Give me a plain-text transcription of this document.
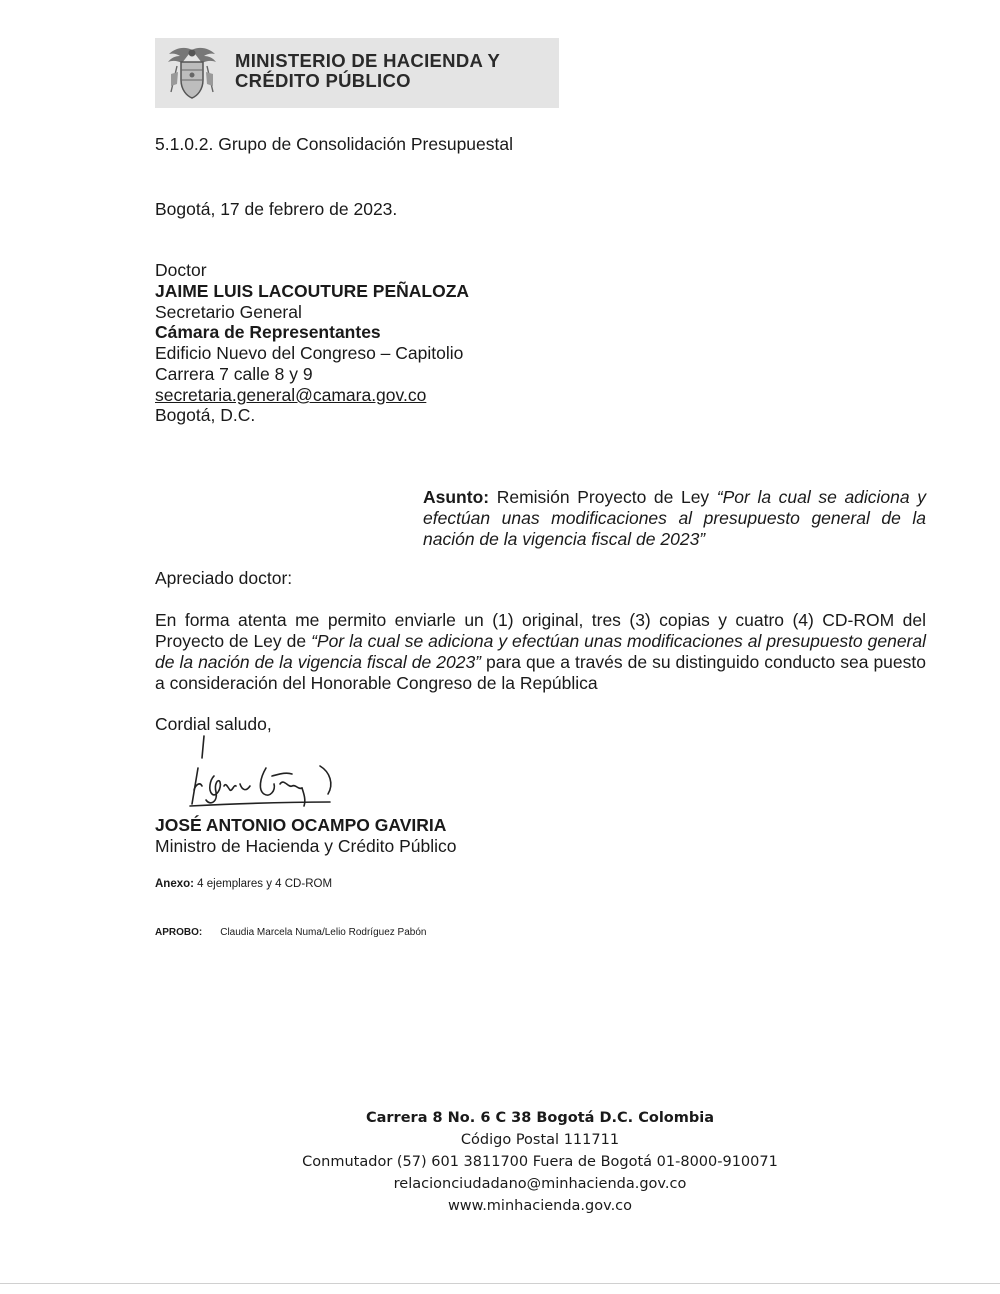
MINISTERIO DE HACIENDA Y
CRÉDITO PÚBLICO
5.1.0.2. Grupo de Consolidación Presupuestal
Bogotá, 17 de febrero de 2023.
Doctor
JAIME LUIS LACOUTURE PEÑALOZA
Secretario General
Cámara de Representantes
Edificio Nuevo del Congreso – Capitolio
Carrera 7 calle 8 y 9
secretaria.general@camara.gov.co
Bogotá, D.C.
Asunto: Remisión Proyecto de Ley “Por la cual se adiciona y efectúan unas modificaciones al presupuesto general de la nación de la vigencia fiscal de 2023”
Apreciado doctor:
En forma atenta me permito enviarle un (1) original, tres (3) copias y cuatro (4) CD-ROM del Proyecto de Ley de “Por la cual se adiciona y efectúan unas modificaciones al presupuesto general de la nación de la vigencia fiscal de 2023” para que a través de su distinguido conducto sea puesto a consideración del Honorable Congreso de la República
Cordial saludo,
JOSÉ ANTONIO OCAMPO GAVIRIA
Ministro de Hacienda y Crédito Público
Anexo: 4 ejemplares y 4 CD-ROM
APROBO: Claudia Marcela Numa/Lelio Rodríguez Pabón
Carrera 8 No. 6 C 38 Bogotá D.C. Colombia
Código Postal 111711
Conmutador (57) 601 3811700 Fuera de Bogotá 01-8000-910071
relacionciudadano@minhacienda.gov.co
www.minhacienda.gov.co
